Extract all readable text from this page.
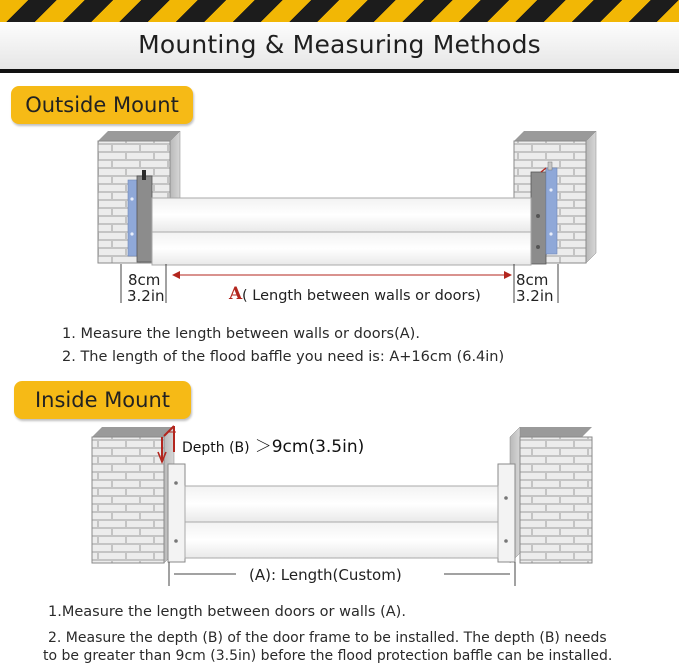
Mounting & Measuring Methods
Outside Mount
8cm
3.2in
8cm
3.2in
A ( Length between walls or doors)
1. Measure the length between walls or doors(A).
2. The length of the flood baffle you need is: A+16cm (6.4in)
Inside Mount
Depth (B) ＞9cm(3.5in)
(A): Length(Custom)
1.Measure the length between doors or walls (A).
2. Measure the depth (B) of the door frame to be installed. The depth (B) needs
to be greater than 9cm (3.5in) before the flood protection baffle can be installed.
